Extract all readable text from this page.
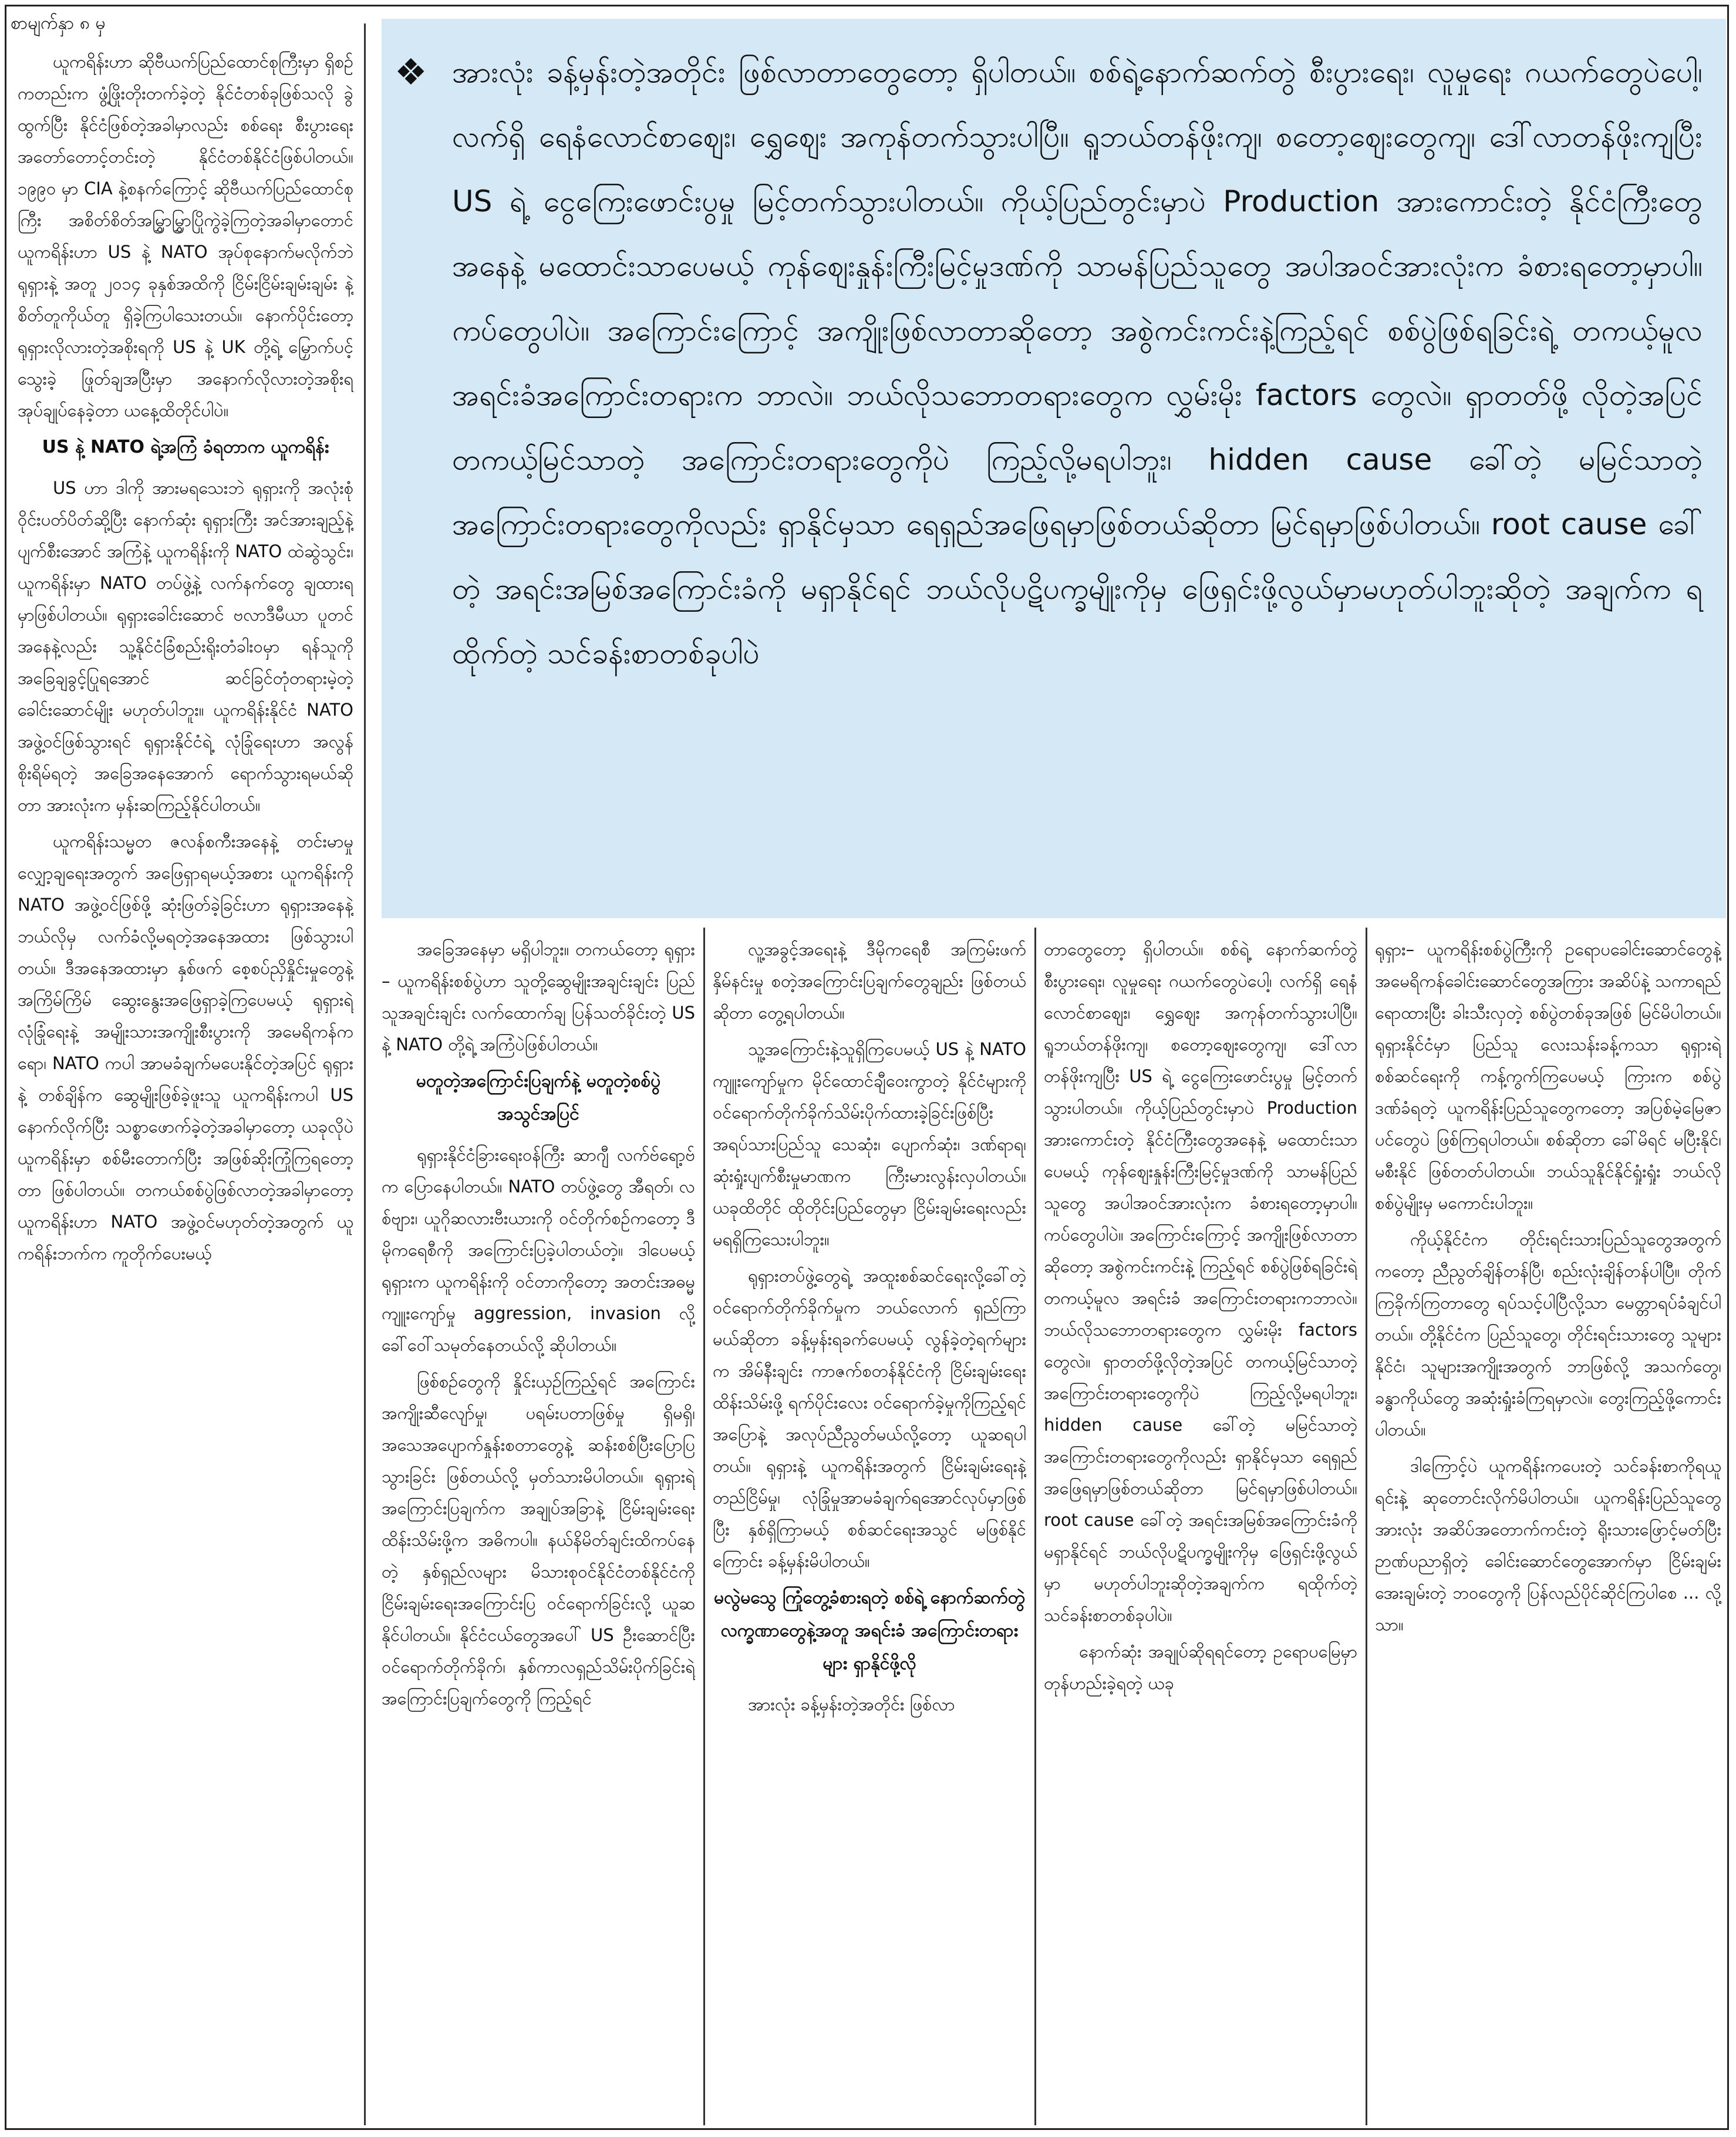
စာမျက်နှာ ၈ မှ

ယူကရိန်းဟာ ဆိုဗီယက်ပြည်ထောင်စုကြီးမှာ ရှိစဉ်ကတည်းက ဖွံ့ဖြိုးတိုးတက်ခဲ့တဲ့ နိုင်ငံတစ်ခုဖြစ်သလို ခွဲထွက်ပြီး နိုင်ငံဖြစ်တဲ့အခါမှာလည်း စစ်ရေး စီးပွားရေး အတော်တောင့်တင်းတဲ့ နိုင်ငံတစ်နိုင်ငံဖြစ်ပါတယ်။ ၁၉၉၀ မှာ CIA နဲ့စနက်ကြောင့် ဆိုဗီယက်ပြည်ထောင်စုကြီး အစိတ်စိတ်အမြွှာမြွှာပြိုကွဲခဲ့ကြတဲ့အခါမှာတောင် ယူကရိန်းဟာ US နဲ့ NATO အုပ်စုနောက်မလိုက်ဘဲ ရုရှားနဲ့ အတူ ၂၀၁၄ ခုနှစ်အထိကို ငြိမ်းငြိမ်းချမ်းချမ်း နဲ့ စိတ်တူကိုယ်တူ ရှိခဲ့ကြပါသေးတယ်။ နောက်ပိုင်းတော့ ရုရှားလိုလားတဲ့အစိုးရကို US နဲ့ UK တို့ရဲ့ မြှောက်ပင့်သွေးခဲ့ ဖြုတ်ချအပြီးမှာ အနောက်လိုလားတဲ့အစိုးရ အုပ်ချုပ်နေခဲ့တာ ယနေ့ထိတိုင်ပါပဲ။

US နဲ့ NATO ရဲ့အကြံ ခံရတာက ယူကရိန်း

US ဟာ ဒါကို အားမရသေးဘဲ ရုရှားကို အလုံးစုံဝိုင်းပတ်ပိတ်ဆို့ပြီး နောက်ဆုံး ရုရှားကြီး အင်အားချည့်နဲ့ ပျက်စီးအောင် အကြံနဲ့ ယူကရိန်းကို NATO ထဲဆွဲသွင်း၊ ယူကရိန်းမှာ NATO တပ်ဖွဲ့နဲ့ လက်နက်တွေ ချထားရမှာဖြစ်ပါတယ်။ ရုရှားခေါင်းဆောင် ဗလာဒီမီယာ ပူတင်အနေနဲ့လည်း သူ့နိုင်ငံခြံစည်းရိုးတံခါးဝမှာ ရန်သူကို အခြေချခွင့်ပြုရအောင် ဆင်ခြင်တုံတရားမဲ့တဲ့ ခေါင်းဆောင်မျိုး မဟုတ်ပါဘူး။ ယူကရိန်းနိုင်ငံ NATO အဖွဲ့ဝင်ဖြစ်သွားရင် ရုရှားနိုင်ငံရဲ့ လုံခြုံရေးဟာ အလွန်စိုးရိမ်ရတဲ့ အခြေအနေအောက် ရောက်သွားရမယ်ဆိုတာ အားလုံးက မှန်းဆကြည့်နိုင်ပါတယ်။

ယူကရိန်းသမ္မတ ဇလန်စကီးအနေနဲ့ တင်းမာမှုလျှော့ချရေးအတွက် အဖြေရှာရမယ့်အစား ယူကရိန်းကို NATO အဖွဲ့ဝင်ဖြစ်ဖို့ ဆုံးဖြတ်ခဲ့ခြင်းဟာ ရုရှားအနေနဲ့ ဘယ်လိုမှ လက်ခံလို့မရတဲ့အနေအထား ဖြစ်သွားပါတယ်။ ဒီအနေအထားမှာ နှစ်ဖက် စေ့စပ်ညှိနှိုင်းမှုတွေနဲ့ အကြိမ်ကြိမ် ဆွေးနွေးအဖြေရှာခဲ့ကြပေမယ့် ရုရှားရဲ့လုံခြုံရေးနဲ့ အမျိုးသားအကျိုးစီးပွားကို အမေရိကန်ကရော၊ NATO ကပါ အာမခံချက်မပေးနိုင်တဲ့အပြင် ရုရှားနဲ့ တစ်ချိန်က ဆွေမျိုးဖြစ်ခဲ့ဖူးသူ ယူကရိန်းကပါ US နောက်လိုက်ပြီး သစ္စာဖောက်ခဲ့တဲ့အခါမှာတော့ ယခုလိုပဲ ယူကရိန်းမှာ စစ်မီးတောက်ပြီး အဖြစ်ဆိုးကြုံကြရတော့တာ ဖြစ်ပါတယ်။ တကယ်စစ်ပွဲဖြစ်လာတဲ့အခါမှာတော့ ယူကရိန်းဟာ NATO အဖွဲ့ဝင်မဟုတ်တဲ့အတွက် ယူကရိန်းဘက်က ကူတိုက်ပေးမယ့်

❖ အားလုံး ခန့်မှန်းတဲ့အတိုင်း ဖြစ်လာတာတွေတော့ ရှိပါတယ်။ စစ်ရဲ့နောက်ဆက်တွဲ စီးပွားရေး၊ လူမှုရေး ဂယက်တွေပဲပေါ့၊ လက်ရှိ ရေနံလောင်စာဈေး၊ ရွှေဈေး အကုန်တက်သွားပါပြီ။ ရူဘယ်တန်ဖိုးကျ၊ စတော့ဈေးတွေကျ၊ ဒေါ်လာတန်ဖိုးကျပြီး US ရဲ့ ငွေကြေးဖောင်းပွမှု မြင့်တက်သွားပါတယ်။ ကိုယ့်ပြည်တွင်းမှာပဲ Production အားကောင်းတဲ့ နိုင်ငံကြီးတွေအနေနဲ့ မထောင်းသာပေမယ့် ကုန်ဈေးနှုန်းကြီးမြင့်မှုဒဏ်ကို သာမန်ပြည်သူတွေ အပါအဝင်အားလုံးက ခံစားရတော့မှာပါ။ ကပ်တွေပါပဲ။ အကြောင်းကြောင့် အကျိုးဖြစ်လာတာဆိုတော့ အစွဲကင်းကင်းနဲ့ကြည့်ရင် စစ်ပွဲဖြစ်ရခြင်းရဲ့ တကယ့်မူလ အရင်းခံအကြောင်းတရားက ဘာလဲ။ ဘယ်လိုသဘောတရားတွေက လွှမ်းမိုး factors တွေလဲ။ ရှာတတ်ဖို့ လိုတဲ့အပြင် တကယ့်မြင်သာတဲ့ အကြောင်းတရားတွေကိုပဲ ကြည့်လို့မရပါဘူး၊ hidden cause ခေါ်တဲ့ မမြင်သာတဲ့အကြောင်းတရားတွေကိုလည်း ရှာနိုင်မှသာ ရေရှည်အဖြေရမှာဖြစ်တယ်ဆိုတာ မြင်ရမှာဖြစ်ပါတယ်။ root cause ခေါ်တဲ့ အရင်းအမြစ်အကြောင်းခံကို မရှာနိုင်ရင် ဘယ်လိုပဋိပက္ခမျိုးကိုမှ ဖြေရှင်းဖို့လွယ်မှာမဟုတ်ပါဘူးဆိုတဲ့ အချက်က ရထိုက်တဲ့ သင်ခန်းစာတစ်ခုပါပဲ

အခြေအနေမှာ မရှိပါဘူး။ တကယ်တော့ ရုရှား – ယူကရိန်းစစ်ပွဲဟာ သူတို့ဆွေမျိုးအချင်းချင်း ပြည်သူအချင်းချင်း လက်ထောက်ချ ပြန်သတ်ခိုင်းတဲ့ US နဲ့ NATO တို့ရဲ့ အကြံပဲဖြစ်ပါတယ်။

မတူတဲ့အကြောင်းပြချက်နဲ့ မတူတဲ့စစ်ပွဲအသွင်အပြင်

ရုရှားနိုင်ငံခြားရေးဝန်ကြီး ဆာဂျီ လက်ဗ်ရော့ဗ်က ပြောနေပါတယ်။ NATO တပ်ဖွဲ့တွေ အီရတ်၊ လစ်ဗျား၊ ယူဂိုဆလားဗီးယားကို ဝင်တိုက်စဉ်ကတော့ ဒီမိုကရေစီကို အကြောင်းပြခဲ့ပါတယ်တဲ့။ ဒါပေမယ့် ရုရှားက ယူကရိန်းကို ဝင်တာကိုတော့ အတင်းအဓမ္မကျူးကျော်မှု aggression, invasion လို့ ခေါ်ဝေါ်သမုတ်နေတယ်လို့ ဆိုပါတယ်။

ဖြစ်စဉ်တွေကို နှိုင်းယှဉ်ကြည့်ရင် အကြောင်းအကျိုးဆီလျော်မှု၊ ပရမ်းပတာဖြစ်မှု ရှိမရှိ၊ အသေအပျောက်နှုန်းစတာတွေနဲ့ ဆန်းစစ်ပြီးပြောပြသွားခြင်း ဖြစ်တယ်လို့ မှတ်သားမိပါတယ်။ ရုရှားရဲ့ အကြောင်းပြချက်က အချုပ်အခြာနဲ့ ငြိမ်းချမ်းရေးထိန်းသိမ်းဖို့က အဓိကပါ။ နယ်နိမိတ်ချင်းထိကပ်နေတဲ့ နှစ်ရှည်လများ မိသားစုဝင်နိုင်ငံတစ်နိုင်ငံကို ငြိမ်းချမ်းရေးအကြောင်းပြ ဝင်ရောက်ခြင်းလို့ ယူဆနိုင်ပါတယ်။ နိုင်ငံငယ်တွေအပေါ် US ဦးဆောင်ပြီး ဝင်ရောက်တိုက်ခိုက်၊ နှစ်ကာလရှည်သိမ်းပိုက်ခြင်းရဲ့ အကြောင်းပြချက်တွေကို ကြည့်ရင်

လူ့အခွင့်အရေးနဲ့ ဒီမိုကရေစီ အကြမ်းဖက်နှိမ်နင်းမှု စတဲ့အကြောင်းပြချက်တွေချည်း ဖြစ်တယ်ဆိုတာ တွေ့ရပါတယ်။

သူ့အကြောင်းနဲ့သူရှိကြပေမယ့် US နဲ့ NATO ကျူးကျော်မှုက မိုင်ထောင်ချီဝေးကွာတဲ့ နိုင်ငံများကို ဝင်ရောက်တိုက်ခိုက်သိမ်းပိုက်ထားခဲ့ခြင်းဖြစ်ပြီး အရပ်သားပြည်သူ သေဆုံး၊ ပျောက်ဆုံး၊ ဒဏ်ရာရ၊ ဆုံးရှုံးပျက်စီးမှုမာဏက ကြီးမားလွန်းလှပါတယ်။ ယခုထိတိုင် ထိုတိုင်းပြည်တွေမှာ ငြိမ်းချမ်းရေးလည်း မရရှိကြသေးပါဘူး။

ရုရှားတပ်ဖွဲ့တွေရဲ့ အထူးစစ်ဆင်ရေးလို့ခေါ်တဲ့ ဝင်ရောက်တိုက်ခိုက်မှုက ဘယ်လောက် ရှည်ကြာမယ်ဆိုတာ ခန့်မှန်းရခက်ပေမယ့် လွန်ခဲ့တဲ့ရက်များက အိမ်နီးချင်း ကာဇက်စတန်နိုင်ငံကို ငြိမ်းချမ်းရေးထိန်းသိမ်းဖို့ ရက်ပိုင်းလေး ဝင်ရောက်ခဲ့မှုကိုကြည့်ရင် အပြောနဲ့ အလုပ်ညီညွတ်မယ်လို့တော့ ယူဆရပါတယ်။ ရုရှားနဲ့ ယူကရိန်းအတွက် ငြိမ်းချမ်းရေးနဲ့ တည်ငြိမ်မှု၊ လုံခြုံမှုအာမခံချက်ရအောင်လုပ်မှာဖြစ်ပြီး နှစ်ရှိကြာမယ့် စစ်ဆင်ရေးအသွင် မဖြစ်နိုင်ကြောင်း ခန့်မှန်းမိပါတယ်။

မလွဲမသွေ ကြုံတွေ့ခံစားရတဲ့ စစ်ရဲ့ နောက်ဆက်တွဲလက္ခဏာတွေနဲ့အတူ အရင်းခံ အကြောင်းတရားများ ရှာနိုင်ဖို့လို

အားလုံး ခန့်မှန်းတဲ့အတိုင်း ဖြစ်လာ

တာတွေတော့ ရှိပါတယ်။ စစ်ရဲ့ နောက်ဆက်တွဲ စီးပွားရေး၊ လူမှုရေး ဂယက်တွေပဲပေါ့၊ လက်ရှိ ရေနံလောင်စာဈေး၊ ရွှေဈေး အကုန်တက်သွားပါပြီ။ ရူဘယ်တန်ဖိုးကျ၊ စတော့ဈေးတွေကျ၊ ဒေါ်လာတန်ဖိုးကျပြီး US ရဲ့ ငွေကြေးဖောင်းပွမှု မြင့်တက်သွားပါတယ်။ ကိုယ့်ပြည်တွင်းမှာပဲ Production အားကောင်းတဲ့ နိုင်ငံကြီးတွေအနေနဲ့ မထောင်းသာပေမယ့် ကုန်ဈေးနှုန်းကြီးမြင့်မှုဒဏ်ကို သာမန်ပြည်သူတွေ အပါအဝင်အားလုံးက ခံစားရတော့မှာပါ။ ကပ်တွေပါပဲ။ အကြောင်းကြောင့် အကျိုးဖြစ်လာတာဆိုတော့ အစွဲကင်းကင်းနဲ့ ကြည့်ရင် စစ်ပွဲဖြစ်ရခြင်းရဲ့ တကယ့်မူလ အရင်းခံ အကြောင်းတရားကဘာလဲ။ ဘယ်လိုသဘောတရားတွေက လွှမ်းမိုး factors တွေလဲ။ ရှာတတ်ဖို့လိုတဲ့အပြင် တကယ့်မြင်သာတဲ့ အကြောင်းတရားတွေကိုပဲ ကြည့်လို့မရပါဘူး၊ hidden cause ခေါ်တဲ့ မမြင်သာတဲ့အကြောင်းတရားတွေကိုလည်း ရှာနိုင်မှသာ ရေရှည်အဖြေရမှာဖြစ်တယ်ဆိုတာ မြင်ရမှာဖြစ်ပါတယ်။ root cause ခေါ်တဲ့ အရင်းအမြစ်အကြောင်းခံကို မရှာနိုင်ရင် ဘယ်လိုပဋိပက္ခမျိုးကိုမှ ဖြေရှင်းဖို့လွယ်မှာ မဟုတ်ပါဘူးဆိုတဲ့အချက်က ရထိုက်တဲ့ သင်ခန်းစာတစ်ခုပါပဲ။

နောက်ဆုံး အချုပ်ဆိုရရင်တော့ ဥရောပမြေမှာ တုန်ဟည်းခဲ့ရတဲ့ ယခု

ရုရှား– ယူကရိန်းစစ်ပွဲကြီးကို ဥရောပခေါင်းဆောင်တွေနဲ့ အမေရိကန်ခေါင်းဆောင်တွေအကြား အဆိပ်နဲ့ သကာရည်ရောထားပြီး ခါးသီးလှတဲ့ စစ်ပွဲတစ်ခုအဖြစ် မြင်မိပါတယ်။ ရုရှားနိုင်ငံမှာ ပြည်သူ လေးသန်းခန့်ကသာ ရုရှားရဲ့စစ်ဆင်ရေးကို ကန့်ကွက်ကြပေမယ့် ကြားက စစ်ပွဲဒဏ်ခံရတဲ့ ယူကရိန်းပြည်သူတွေကတော့ အပြစ်မဲ့မြေဇာပင်တွေပဲ ဖြစ်ကြရပါတယ်။ စစ်ဆိုတာ ခေါ်မိရင် မပြီးနိုင်၊ မစီးနိုင် ဖြစ်တတ်ပါတယ်။ ဘယ်သူနိုင်နိုင်ရှုံးရှုံး ဘယ်လိုစစ်ပွဲမျိုးမှ မကောင်းပါဘူး။

ကိုယ့်နိုင်ငံက တိုင်းရင်းသားပြည်သူတွေအတွက်ကတော့ ညီညွတ်ချိန်တန်ပြီ၊ စည်းလုံးချိန်တန်ပါပြီ။ တိုက်ကြခိုက်ကြတာတွေ ရပ်သင့်ပါပြီလို့သာ မေတ္တာရပ်ခံချင်ပါတယ်။ တို့နိုင်ငံက ပြည်သူတွေ၊ တိုင်းရင်းသားတွေ သူများနိုင်ငံ၊ သူများအကျိုးအတွက် ဘာဖြစ်လို့ အသက်တွေ၊ ခန္ဓာကိုယ်တွေ အဆုံးရှုံးခံကြရမှာလဲ။ တွေးကြည့်ဖို့ကောင်းပါတယ်။

ဒါကြောင့်ပဲ ယူကရိန်းကပေးတဲ့ သင်ခန်းစာကိုရယူရင်းနဲ့ ဆုတောင်းလိုက်မိပါတယ်။ ယူကရိန်းပြည်သူတွေ အားလုံး အဆိပ်အတောက်ကင်းတဲ့ ရိုးသားဖြောင့်မတ်ပြီး ဉာဏ်ပညာရှိတဲ့ ခေါင်းဆောင်တွေအောက်မှာ ငြိမ်းချမ်းအေးချမ်းတဲ့ ဘဝတွေကို ပြန်လည်ပိုင်ဆိုင်ကြပါစေ ... လို့သာ။
